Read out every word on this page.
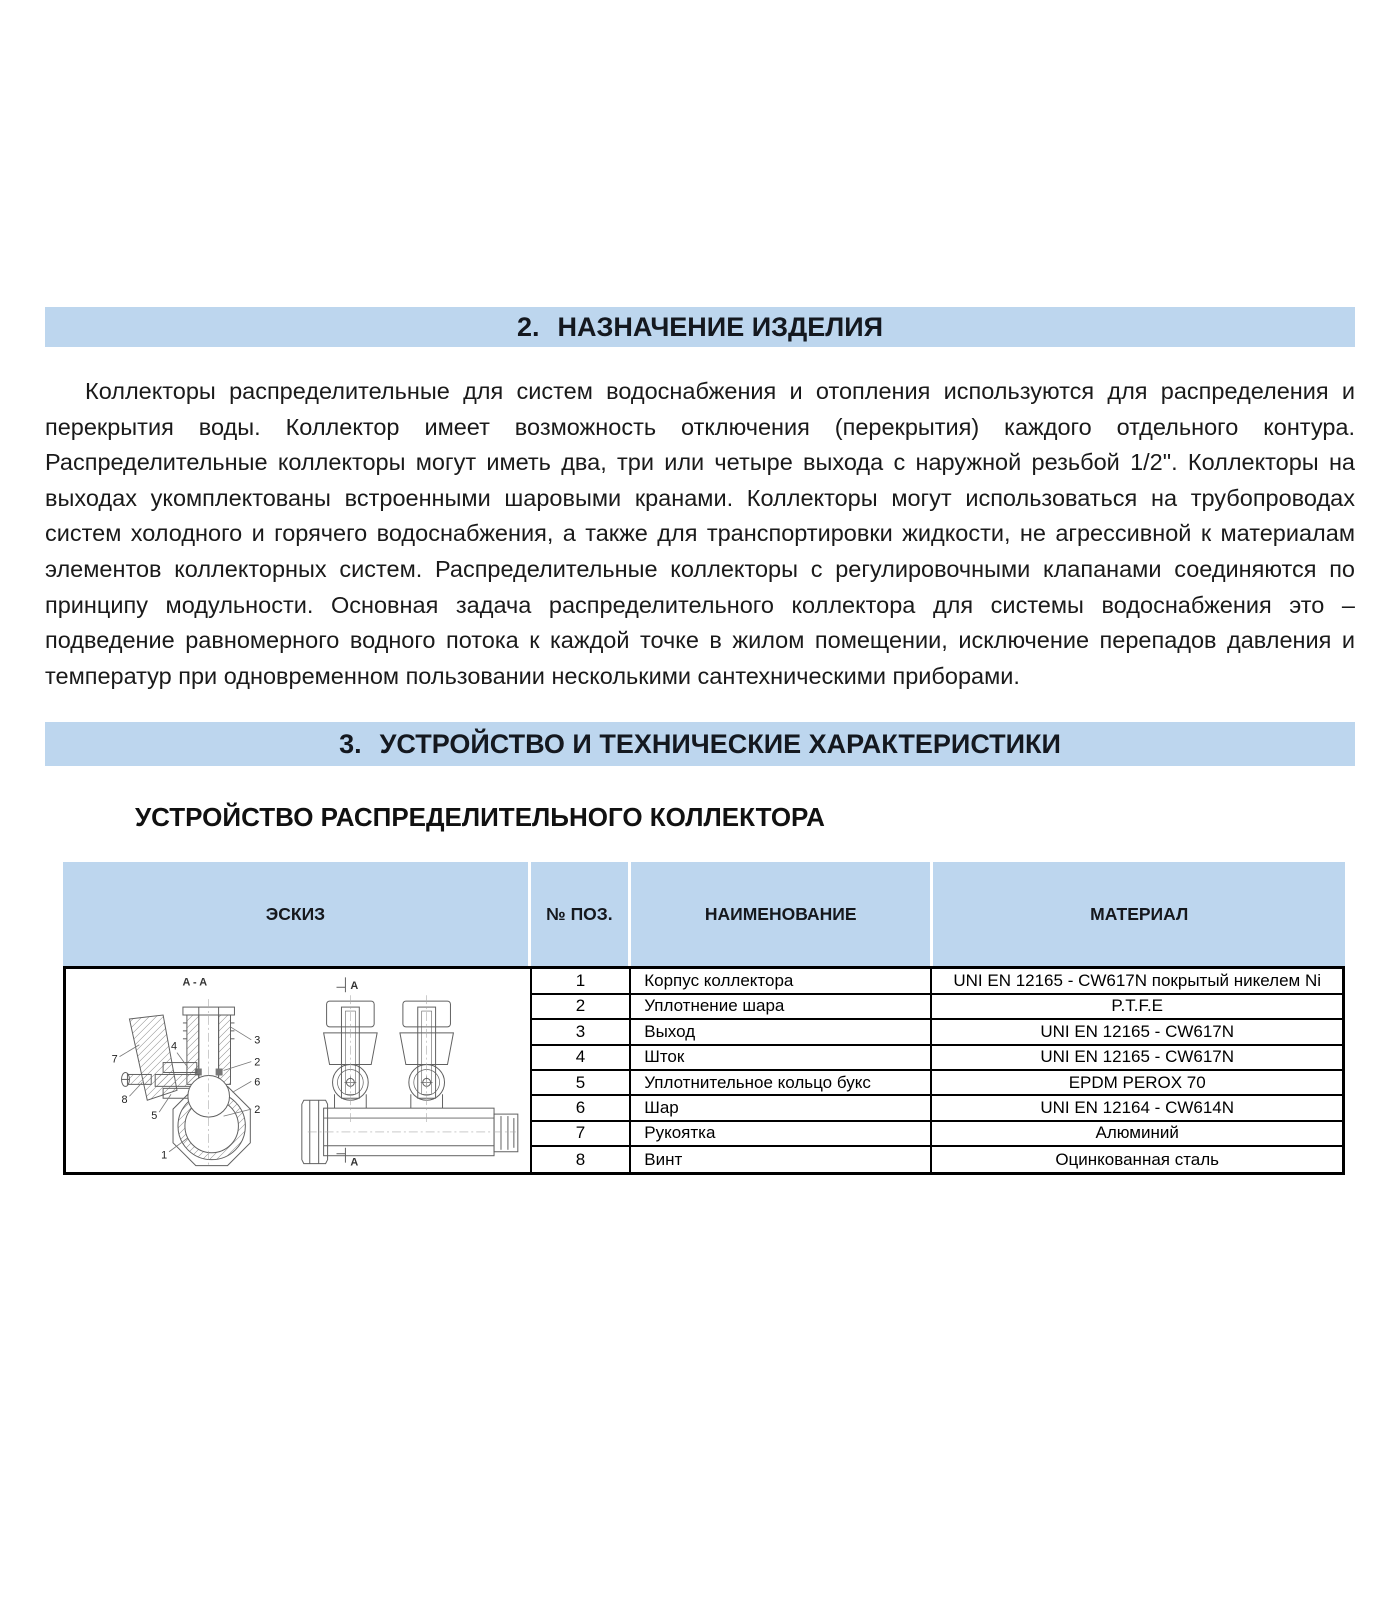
2. НАЗНАЧЕНИЕ ИЗДЕЛИЯ

Коллекторы распределительные для систем водоснабжения и отопления используются для распределения и перекрытия воды. Коллектор имеет возможность отключения (перекрытия) каждого отдельного контура. Распределительные коллекторы могут иметь два, три или четыре выхода с наружной резьбой 1/2". Коллекторы на выходах укомплектованы встроенными шаровыми кранами. Коллекторы могут использоваться на трубопроводах систем холодного и горячего водоснабжения, а также для транспортировки жидкости, не агрессивной к материалам элементов коллекторных систем. Распределительные коллекторы с регулировочными клапанами соединяются по принципу модульности. Основная задача распределительного коллектора для системы водоснабжения это – подведение равномерного водного потока к каждой точке в жилом помещении, исключение перепадов давления и температур при одновременном пользовании несколькими сантехническими приборами.

3. УСТРОЙСТВО И ТЕХНИЧЕСКИЕ ХАРАКТЕРИСТИКИ
УСТРОЙСТВО РАСПРЕДЕЛИТЕЛЬНОГО КОЛЛЕКТОРА
ЭСКИЗ	№ ПОЗ.	НАИМЕНОВАНИЕ	МАТЕРИАЛ
A - A
7
4
8
5
1
3
2
6
2
A
A
1	Корпус коллектора	UNI EN 12165 - CW617N покрытый никелем Ni
2	Уплотнение шара	P.T.F.E
3	Выход	UNI EN 12165 - CW617N
4	Шток	UNI EN 12165 - CW617N
5	Уплотнительное кольцо букс	EPDM PEROX 70
6	Шар	UNI EN 12164 - CW614N
7	Рукоятка	Алюминий
8	Винт	Оцинкованная сталь
